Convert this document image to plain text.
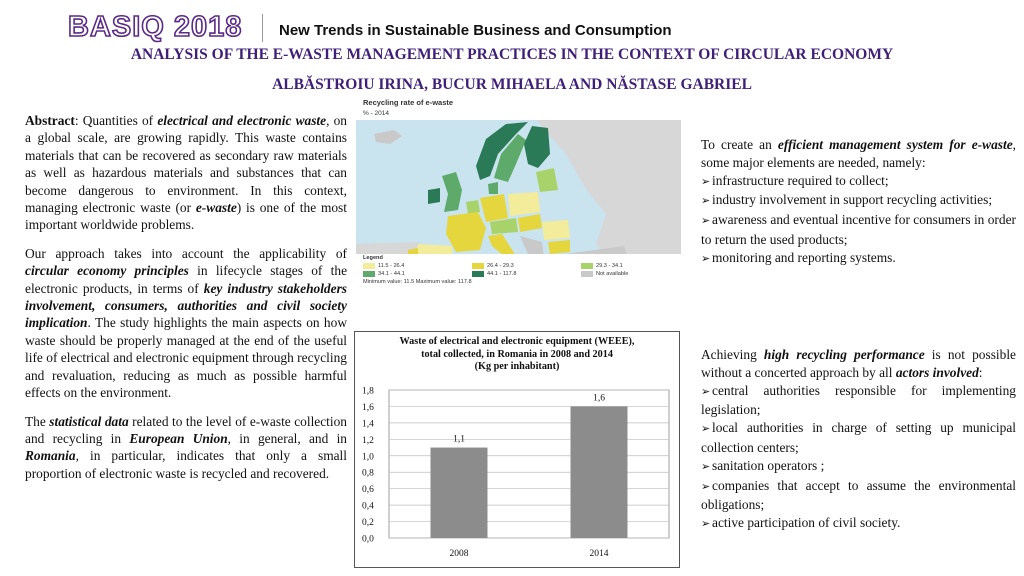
BASIQ 2018 New Trends in Sustainable Business and Consumption
ANALYSIS OF THE E-WASTE MANAGEMENT PRACTICES IN THE CONTEXT OF CIRCULAR ECONOMY
ALBĂSTROIU IRINA, BUCUR MIHAELA AND NĂSTASE GABRIEL

Abstract: Quantities of electrical and electronic waste, on a global scale, are growing rapidly. This waste contains materials that can be recovered as secondary raw materials as well as hazardous materials and substances that can become dangerous to environment. In this context, managing electronic waste (or e-waste) is one of the most important worldwide problems.

Our approach takes into account the applicability of circular economy principles in lifecycle stages of the electronic products, in terms of key industry stakeholders involvement, consumers, authorities and civil society implication. The study highlights the main aspects on how waste should be properly managed at the end of the useful life of electrical and electronic equipment through recycling and revaluation, reducing as much as possible harmful effects on the environment.

The statistical data related to the level of e-waste collection and recycling in European Union, in general, and in Romania, in particular, indicates that only a small proportion of electronic waste is recycled and recovered.

Recycling rate of e-waste
% - 2014
Legend
11.5 - 26.4	26.4 - 29.3	29.3 - 34.1
34.1 - 44.1	44.1 - 117.8	Not available
Minimum value: 11.5 Maximum value: 117.8
Waste of electrical and electronic equipment (WEEE),
total collected, in Romania in 2008 and 2014
(Kg per inhabitant)
0,0
0,2
0,4
0,6
0,8
1,0
1,2
1,4
1,6
1,8
1,1
2008
1,6
2014

To create an efficient management system for e-waste, some major elements are needed, namely:

➢ infrastructure required to collect;
➢ industry involvement in support recycling activities;
➢ awareness and eventual incentive for consumers in order to return the used products;
➢ monitoring and reporting systems.

Achieving high recycling performance is not possible without a concerted approach by all actors involved:

➢ central authorities responsible for implementing legislation;
➢ local authorities in charge of setting up municipal collection centers;
➢ sanitation operators ;
➢ companies that accept to assume the environmental obligations;
➢ active participation of civil society.
